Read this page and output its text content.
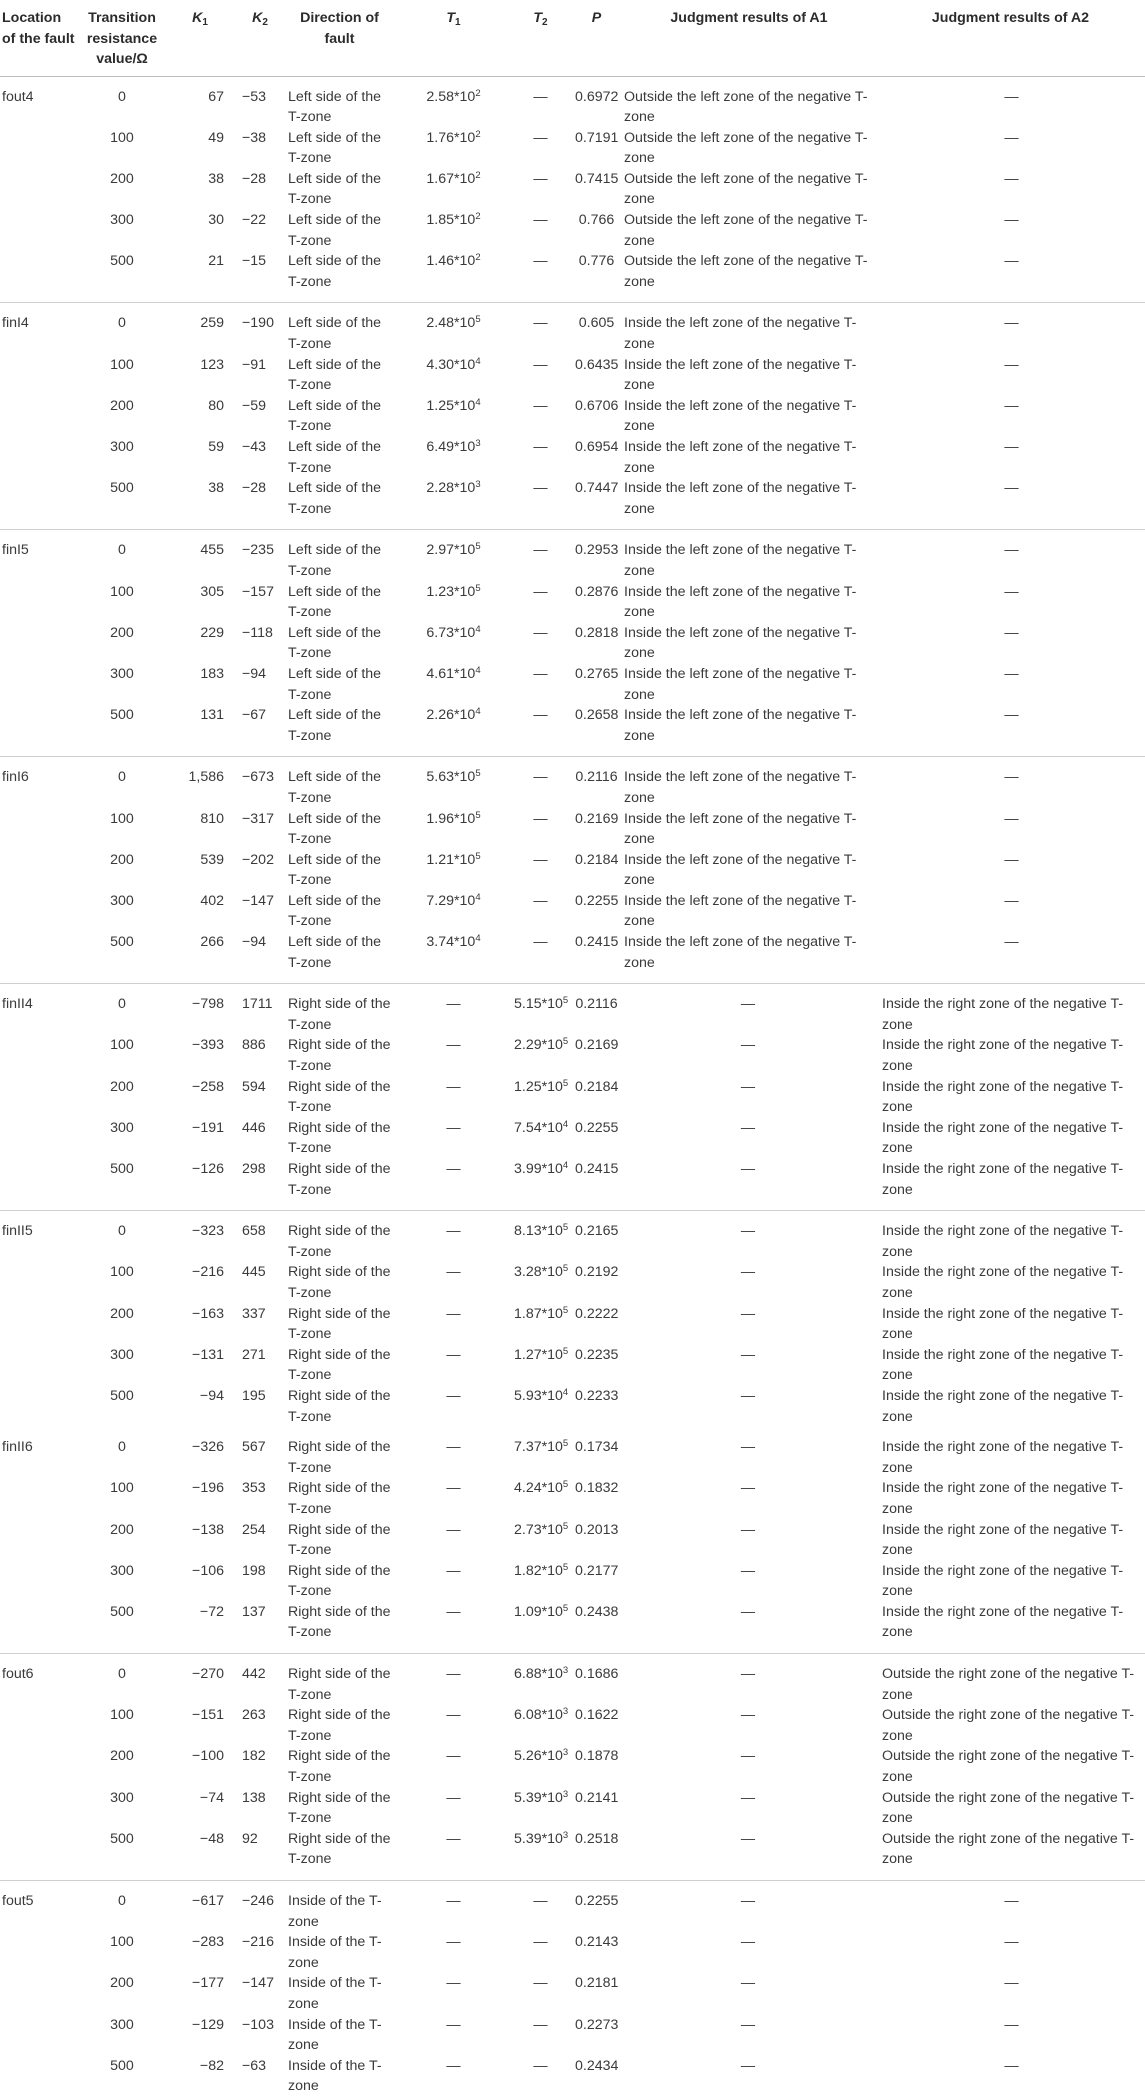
Location of the fault	Transition resistance value/Ω	$K_1$	$K_2$	Direction of fault	$T_1$	$T_2$	P	Judgment results of A1	Judgment results of A2
fout4	0	67	−53	Left side of the T-zone	$2.58*10^2$	—	0.6972	Outside the left zone of the negative T-zone	—
	100	49	−38	Left side of the T-zone	$1.76*10^2$	—	0.7191	Outside the left zone of the negative T-zone	—
	200	38	−28	Left side of the T-zone	$1.67*10^2$	—	0.7415	Outside the left zone of the negative T-zone	—
	300	30	−22	Left side of the T-zone	$1.85*10^2$	—	0.766	Outside the left zone of the negative T-zone	—
	500	21	−15	Left side of the T-zone	$1.46*10^2$	—	0.776	Outside the left zone of the negative T-zone	—
finI4	0	259	−190	Left side of the T-zone	$2.48*10^5$	—	0.605	Inside the left zone of the negative T-zone	—
	100	123	−91	Left side of the T-zone	$4.30*10^4$	—	0.6435	Inside the left zone of the negative T-zone	—
	200	80	−59	Left side of the T-zone	$1.25*10^4$	—	0.6706	Inside the left zone of the negative T-zone	—
	300	59	−43	Left side of the T-zone	$6.49*10^3$	—	0.6954	Inside the left zone of the negative T-zone	—
	500	38	−28	Left side of the T-zone	$2.28*10^3$	—	0.7447	Inside the left zone of the negative T-zone	—
finI5	0	455	−235	Left side of the T-zone	$2.97*10^5$	—	0.2953	Inside the left zone of the negative T-zone	—
	100	305	−157	Left side of the T-zone	$1.23*10^5$	—	0.2876	Inside the left zone of the negative T-zone	—
	200	229	−118	Left side of the T-zone	$6.73*10^4$	—	0.2818	Inside the left zone of the negative T-zone	—
	300	183	−94	Left side of the T-zone	$4.61*10^4$	—	0.2765	Inside the left zone of the negative T-zone	—
	500	131	−67	Left side of the T-zone	$2.26*10^4$	—	0.2658	Inside the left zone of the negative T-zone	—
finI6	0	1,586	−673	Left side of the T-zone	$5.63*10^5$	—	0.2116	Inside the left zone of the negative T-zone	—
	100	810	−317	Left side of the T-zone	$1.96*10^5$	—	0.2169	Inside the left zone of the negative T-zone	—
	200	539	−202	Left side of the T-zone	$1.21*10^5$	—	0.2184	Inside the left zone of the negative T-zone	—
	300	402	−147	Left side of the T-zone	$7.29*10^4$	—	0.2255	Inside the left zone of the negative T-zone	—
	500	266	−94	Left side of the T-zone	$3.74*10^4$	—	0.2415	Inside the left zone of the negative T-zone	—
finII4	0	−798	1711	Right side of the T-zone	—	$5.15*10^5$	0.2116	—	Inside the right zone of the negative T-zone
	100	−393	886	Right side of the T-zone	—	$2.29*10^5$	0.2169	—	Inside the right zone of the negative T-zone
	200	−258	594	Right side of the T-zone	—	$1.25*10^5$	0.2184	—	Inside the right zone of the negative T-zone
	300	−191	446	Right side of the T-zone	—	$7.54*10^4$	0.2255	—	Inside the right zone of the negative T-zone
	500	−126	298	Right side of the T-zone	—	$3.99*10^4$	0.2415	—	Inside the right zone of the negative T-zone
finII5	0	−323	658	Right side of the T-zone	—	$8.13*10^5$	0.2165	—	Inside the right zone of the negative T-zone
	100	−216	445	Right side of the T-zone	—	$3.28*10^5$	0.2192	—	Inside the right zone of the negative T-zone
	200	−163	337	Right side of the T-zone	—	$1.87*10^5$	0.2222	—	Inside the right zone of the negative T-zone
	300	−131	271	Right side of the T-zone	—	$1.27*10^5$	0.2235	—	Inside the right zone of the negative T-zone
	500	−94	195	Right side of the T-zone	—	$5.93*10^4$	0.2233	—	Inside the right zone of the negative T-zone
finII6	0	−326	567	Right side of the T-zone	—	$7.37*10^5$	0.1734	—	Inside the right zone of the negative T-zone
	100	−196	353	Right side of the T-zone	—	$4.24*10^5$	0.1832	—	Inside the right zone of the negative T-zone
	200	−138	254	Right side of the T-zone	—	$2.73*10^5$	0.2013	—	Inside the right zone of the negative T-zone
	300	−106	198	Right side of the T-zone	—	$1.82*10^5$	0.2177	—	Inside the right zone of the negative T-zone
	500	−72	137	Right side of the T-zone	—	$1.09*10^5$	0.2438	—	Inside the right zone of the negative T-zone
fout6	0	−270	442	Right side of the T-zone	—	$6.88*10^3$	0.1686	—	Outside the right zone of the negative T-zone
	100	−151	263	Right side of the T-zone	—	$6.08*10^3$	0.1622	—	Outside the right zone of the negative T-zone
	200	−100	182	Right side of the T-zone	—	$5.26*10^3$	0.1878	—	Outside the right zone of the negative T-zone
	300	−74	138	Right side of the T-zone	—	$5.39*10^3$	0.2141	—	Outside the right zone of the negative T-zone
	500	−48	92	Right side of the T-zone	—	$5.39*10^3$	0.2518	—	Outside the right zone of the negative T-zone
fout5	0	−617	−246	Inside of the T-zone	—	—	0.2255	—	—
	100	−283	−216	Inside of the T-zone	—	—	0.2143	—	—
	200	−177	−147	Inside of the T-zone	—	—	0.2181	—	—
	300	−129	−103	Inside of the T-zone	—	—	0.2273	—	—
	500	−82	−63	Inside of the T-zone	—	—	0.2434	—	—
